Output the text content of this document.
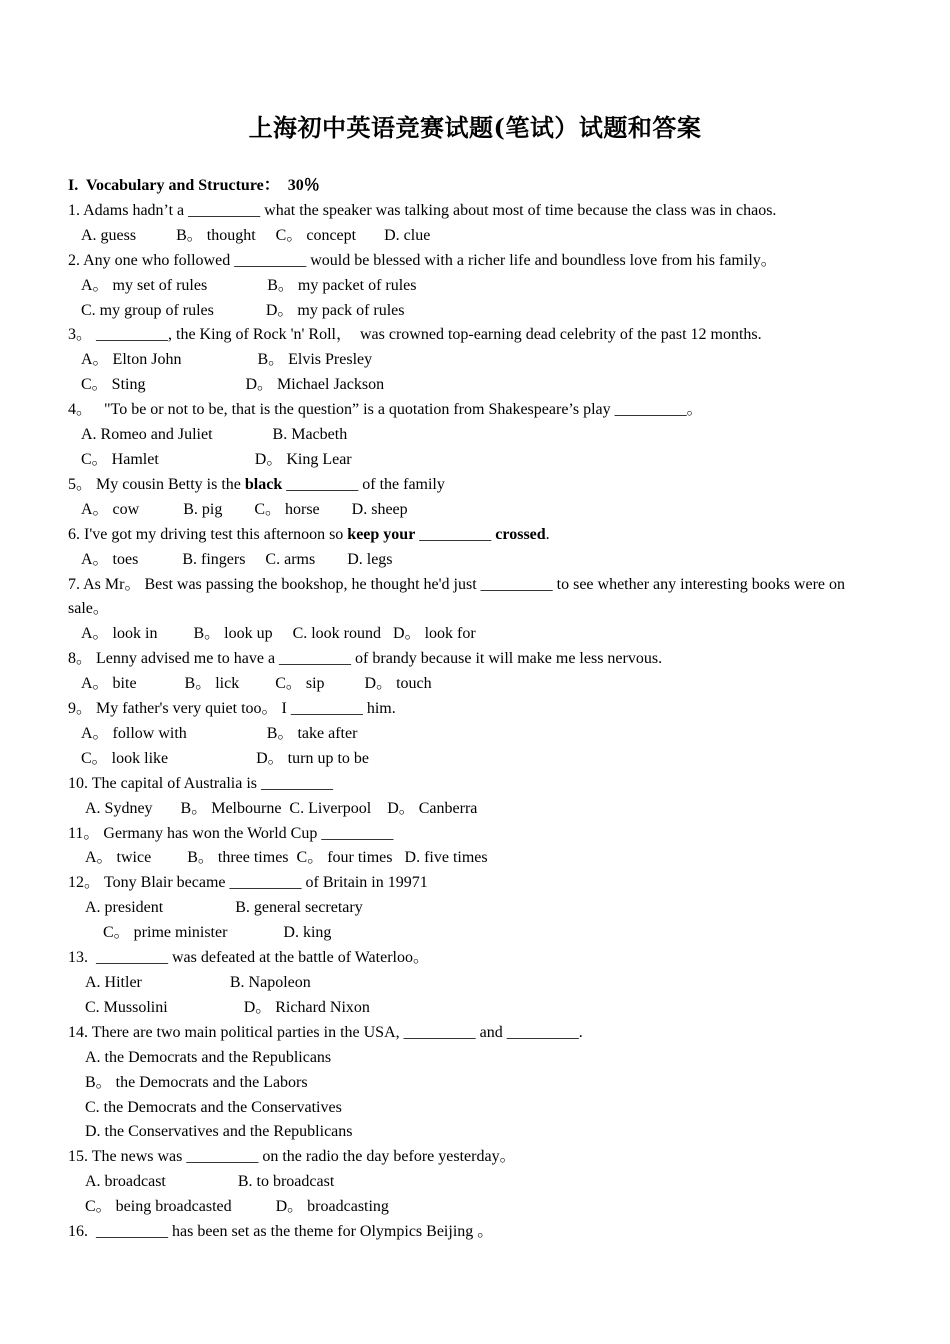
上海初中英语竞赛试题(笔试）试题和答案
I.  Vocabulary and Structure：  30％
1. Adams hadn’t a _________ what the speaker was talking about most of time because the class was in chaos.
A. guess          B。 thought     C。 concept       D. clue
2. Any one who followed _________ would be blessed with a richer life and boundless love from his family。
A。 my set of rules               B。 my packet of rules
C. my group of rules             D。 my pack of rules
3。 _________, the King of Rock 'n' Roll，  was crowned top-earning dead celebrity of the past 12 months.
A。 Elton John                   B。 Elvis Presley
C。 Sting                         D。 Michael Jackson
4。   "To be or not to be, that is the question” is a quotation from Shakespeare’s play _________。
A. Romeo and Juliet               B. Macbeth
C。 Hamlet                        D。 King Lear
5。 My cousin Betty is the black _________ of the family
A。 cow           B. pig        C。 horse        D. sheep
6. I've got my driving test this afternoon so keep your _________ crossed.
A。 toes           B. fingers     C. arms        D. legs
7. As Mr。 Best was passing the bookshop, he thought he'd just _________ to see whether any interesting books were on sale。
A。 look in         B。 look up     C. look round   D。 look for
8。 Lenny advised me to have a _________ of brandy because it will make me less nervous.
A。 bite            B。 lick         C。 sip          D。 touch
9。 My father's very quiet too。 I _________ him.
A。 follow with                    B。 take after
C。 look like                      D。 turn up to be
10. The capital of Australia is _________
A. Sydney       B。 Melbourne  C. Liverpool    D。 Canberra
11。 Germany has won the World Cup _________
A。 twice         B。 three times  C。 four times   D. five times
12。 Tony Blair became _________ of Britain in 19971
A. president                  B. general secretary
C。 prime minister              D. king
13.  _________ was defeated at the battle of Waterloo。
A. Hitler                      B. Napoleon
C. Mussolini                   D。 Richard Nixon
14. There are two main political parties in the USA, _________ and _________.
A. the Democrats and the Republicans
B。 the Democrats and the Labors
C. the Democrats and the Conservatives
D. the Conservatives and the Republicans
15. The news was _________ on the radio the day before yesterday。
A. broadcast                  B. to broadcast
C。 being broadcasted           D。 broadcasting
16.  _________ has been set as the theme for Olympics Beijing 。
